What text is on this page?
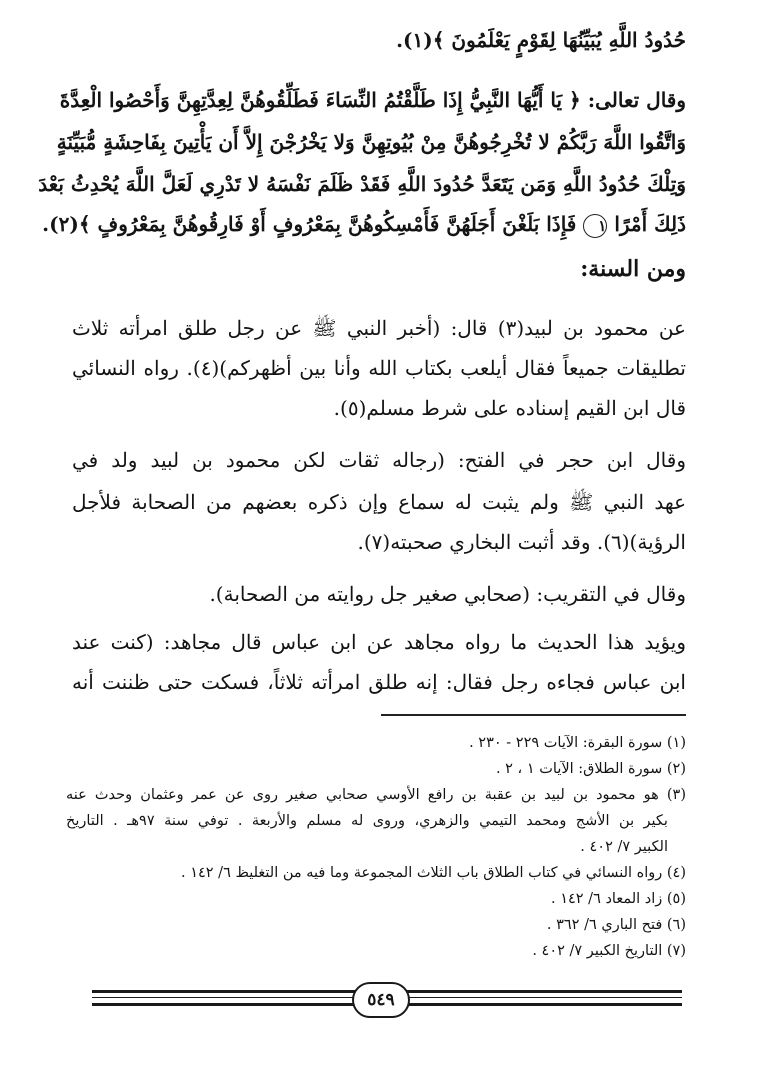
حُدُودُ اللَّهِ يُبَيِّنُهَا لِقَوْمٍ يَعْلَمُونَ ﴾(١).
وقال تعالى: ﴿ يَا أَيُّهَا النَّبِيُّ إِذَا طَلَّقْتُمُ النِّسَاءَ فَطَلِّقُوهُنَّ لِعِدَّتِهِنَّ وَأَحْصُوا الْعِدَّةَ
وَاتَّقُوا اللَّهَ رَبَّكُمْ لا تُخْرِجُوهُنَّ مِنْ بُيُوتِهِنَّ وَلا يَخْرُجْنَ إِلاَّ أَن يَأْتِينَ بِفَاحِشَةٍ مُّبَيِّنَةٍ
وَتِلْكَ حُدُودُ اللَّهِ وَمَن يَتَعَدَّ حُدُودَ اللَّهِ فَقَدْ ظَلَمَ نَفْسَهُ لا تَدْرِي لَعَلَّ اللَّهَ يُحْدِثُ بَعْدَ
ذَلِكَ أَمْرًا ١ فَإِذَا بَلَغْنَ أَجَلَهُنَّ فَأَمْسِكُوهُنَّ بِمَعْرُوفٍ أَوْ فَارِقُوهُنَّ بِمَعْرُوفٍ ﴾(٢).
ومن السنة:
عن محمود بن لبيد(٣) قال: (أخبر النبي ﷺ عن رجل طلق امرأته ثلاث
تطليقات جميعاً فقال أيلعب بكتاب الله وأنا بين أظهركم)(٤). رواه النسائي
قال ابن القيم إسناده على شرط مسلم(٥).
وقال ابن حجر في الفتح: (رجاله ثقات لكن محمود بن لبيد ولد في
عهد النبي ﷺ ولم يثبت له سماع وإن ذكره بعضهم من الصحابة فلأجل
الرؤية)(٦). وقد أثبت البخاري صحبته(٧).
وقال في التقريب: (صحابي صغير جل روايته من الصحابة).
ويؤيد هذا الحديث ما رواه مجاهد عن ابن عباس قال مجاهد: (كنت عند
ابن عباس فجاءه رجل فقال: إنه طلق امرأته ثلاثاً، فسكت حتى ظننت أنه
(١) سورة البقرة: الآيات ٢٢٩ - ٢٣٠ .
(٢) سورة الطلاق: الآيات ١ ، ٢ .
(٣) هو محمود بن لبيد بن عقبة بن رافع الأوسي صحابي صغير روى عن عمر وعثمان وحدث عنه
بكير بن الأشج ومحمد التيمي والزهري، وروى له مسلم والأربعة . توفي سنة ٩٧هـ . التاريخ
الكبير ٧/ ٤٠٢ .
(٤) رواه النسائي في كتاب الطلاق باب الثلاث المجموعة وما فيه من التغليظ ٦/ ١٤٢ .
(٥) زاد المعاد ٦/ ١٤٢ .
(٦) فتح الباري ٦/ ٣٦٢ .
(٧) التاريخ الكبير ٧/ ٤٠٢ .
٥٤٩
